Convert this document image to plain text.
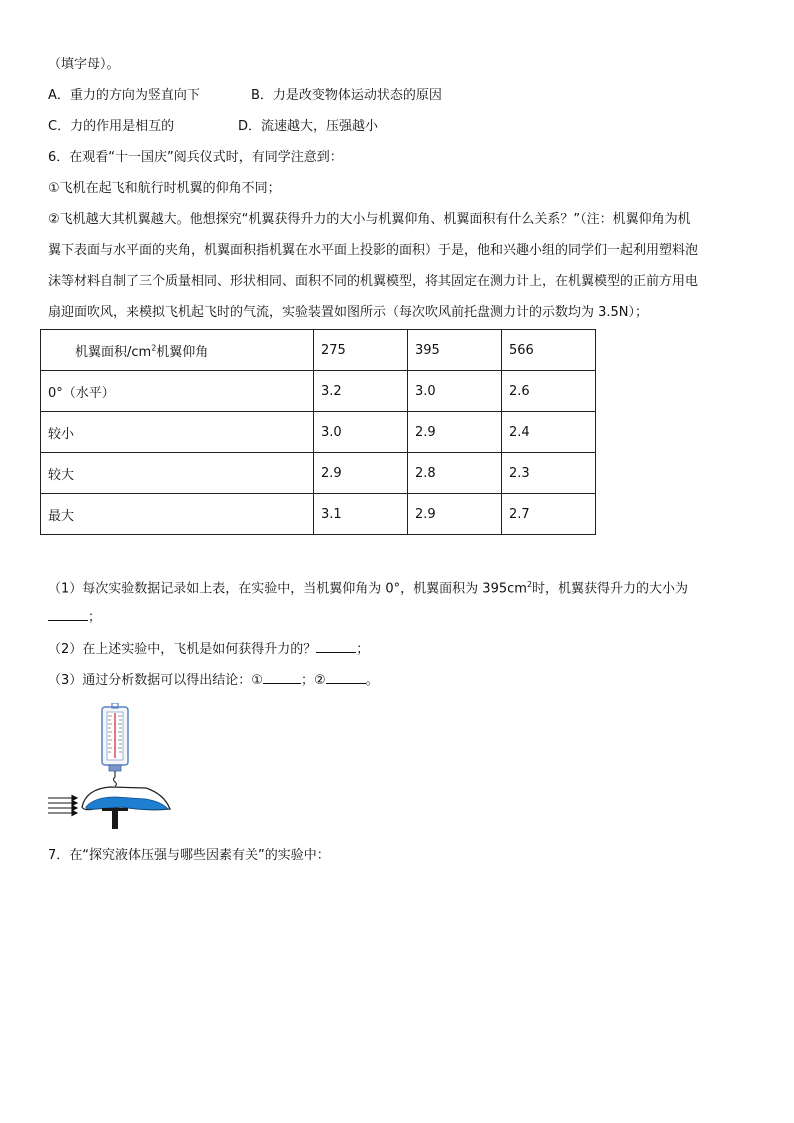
（填字母）。
A．重力的方向为竖直向下	B．力是改变物体运动状态的原因
C．力的作用是相互的	D．流速越大，压强越小
6．在观看“十一国庆”阅兵仪式时，有同学注意到：
①飞机在起飞和航行时机翼的仰角不同；
②飞机越大其机翼越大。他想探究“机翼获得升力的大小与机翼仰角、机翼面积有什么关系？”（注：机翼仰角为机
翼下表面与水平面的夹角，机翼面积指机翼在水平面上投影的面积）于是，他和兴趣小组的同学们一起利用塑料泡
沫等材料自制了三个质量相同、形状相同、面积不同的机翼模型，将其固定在测力计上，在机翼模型的正前方用电
扇迎面吹风，来模拟飞机起飞时的气流，实验装置如图所示（每次吹风前托盘测力计的示数均为 3.5N）；
机翼面积$/cm^2$机翼仰角	275	395	566
0°（水平）	3.2	3.0	2.6
较小	3.0	2.9	2.4
较大	2.9	2.8	2.3
最大	3.1	2.9	2.7
（1）每次实验数据记录如上表，在实验中，当机翼仰角为 0°，机翼面积为 $395cm^2$时，机翼获得升力的大小为
；
（2）在上述实验中，飞机是如何获得升力的？	；
（3）通过分析数据可以得出结论：①	；②	。
7．在“探究液体压强与哪些因素有关”的实验中：
